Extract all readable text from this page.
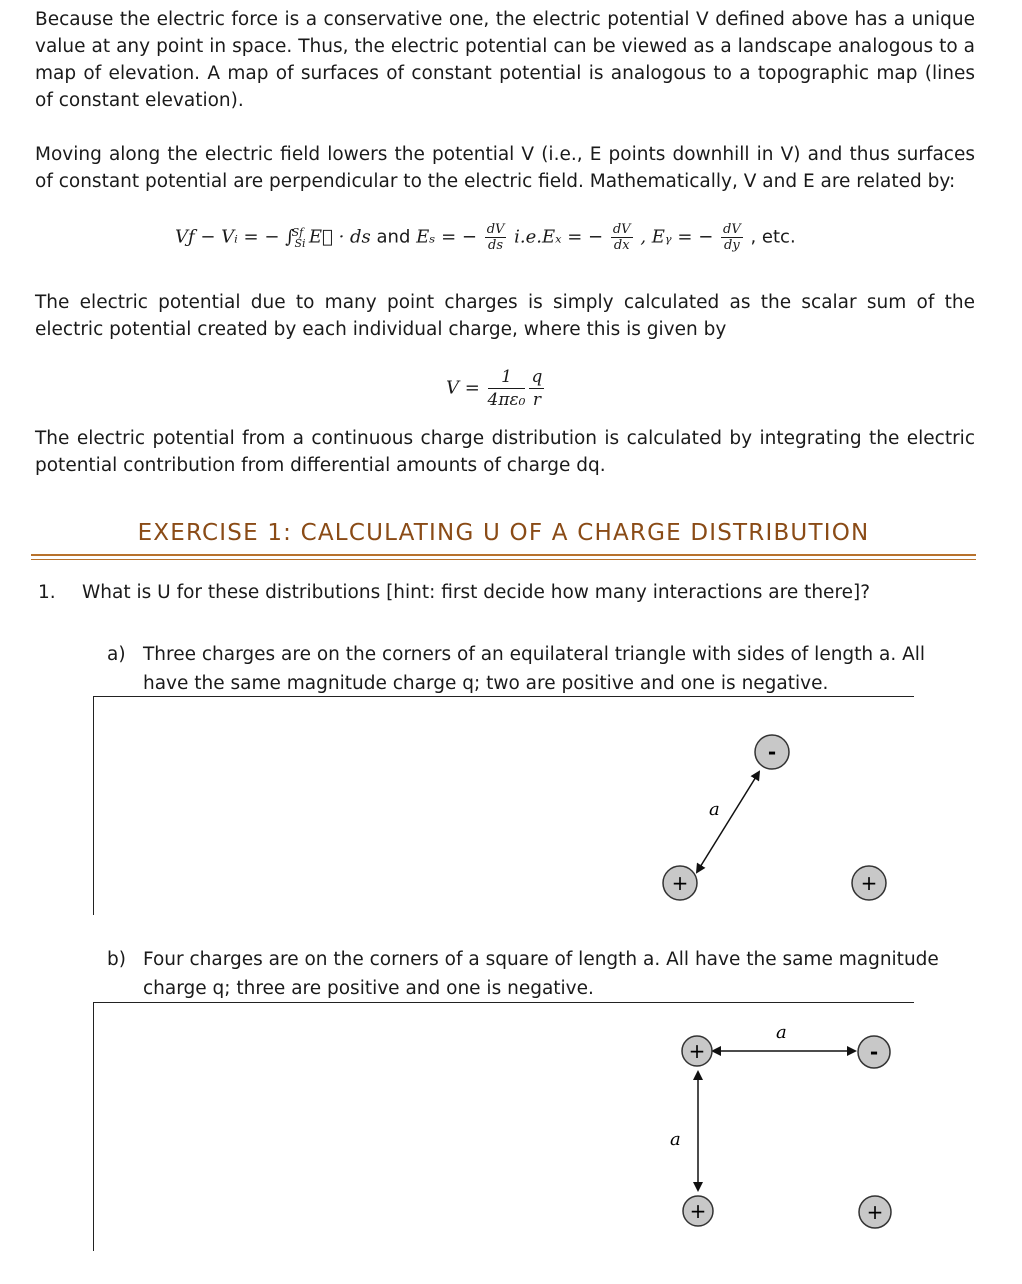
Because the electric force is a conservative one, the electric potential V defined above has a unique value at any point in space. Thus, the electric potential can be viewed as a landscape analogous to a map of elevation. A map of surfaces of constant potential is analogous to a topographic map (lines of constant elevation).

Moving along the electric field lowers the potential V (i.e., E points downhill in V) and thus surfaces of constant potential are perpendicular to the electric field. Mathematically, V and E are related by:

Vƒ − Vᵢ = − $\int_{Si}^{Sf}$ E⃗ · ds and Eₛ = − $\frac{dV}{ds} i.e.E_x$ = − $\frac{dV}{dx}$ , Eᵧ = − $\frac{dV}{dy}$ , etc.

The electric potential due to many point charges is simply calculated as the scalar sum of the electric potential created by each individual charge, where this is given by

$V = \frac{1}{\text{4πε₀}} \frac{q}{r}$

The electric potential from a continuous charge distribution is calculated by integrating the electric potential contribution from differential amounts of charge dq.

EXERCISE 1: CALCULATING U OF A CHARGE DISTRIBUTION
1. What is U for these distributions [hint: first decide how many interactions are there]?
a) Three charges are on the corners of an equilateral triangle with sides of length a. All have the same magnitude charge q; two are positive and one is negative.
a
+	+
-
a
a
+	-
+	+
b) Four charges are on the corners of a square of length a. All have the same magnitude charge q; three are positive and one is negative.
